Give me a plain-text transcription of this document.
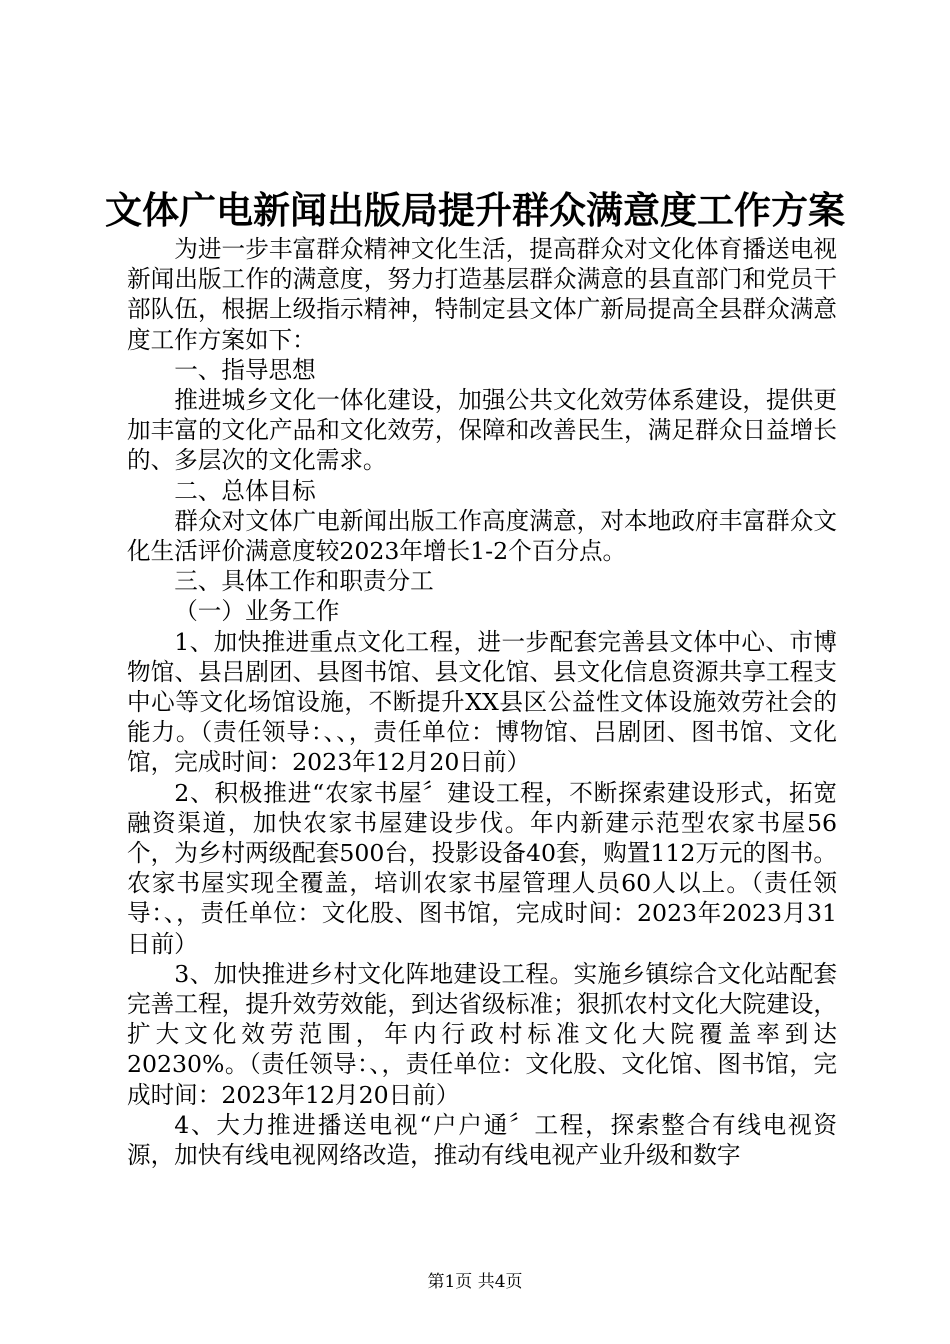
文体广电新闻出版局提升群众满意度工作方案

为进一步丰富群众精神文化生活，提高群众对文化体育播送电视新闻出版工作的满意度，努力打造基层群众满意的县直部门和党员干部队伍，根据上级指示精神，特制定县文体广新局提高全县群众满意度工作方案如下：

一、指导思想

推进城乡文化一体化建设，加强公共文化效劳体系建设，提供更加丰富的文化产品和文化效劳，保障和改善民生，满足群众日益增长的、多层次的文化需求。

二、总体目标

群众对文体广电新闻出版工作高度满意，对本地政府丰富群众文化生活评价满意度较2023年增长1-2个百分点。

三、具体工作和职责分工

（一）业务工作

1、加快推进重点文化工程，进一步配套完善县文体中心、市博物馆、县吕剧团、县图书馆、县文化馆、县文化信息资源共享工程支中心等文化场馆设施，不断提升XX县区公益性文体设施效劳社会的能力。（责任领导：、、，责任单位：博物馆、吕剧团、图书馆、文化馆，完成时间：2023年12月20日前）

2、积极推进“农家书屋〞建设工程，不断探索建设形式，拓宽融资渠道，加快农家书屋建设步伐。年内新建示范型农家书屋56个，为乡村两级配套500台，投影设备40套，购置112万元的图书。农家书屋实现全覆盖，培训农家书屋管理人员60人以上。（责任领导：、，责任单位：文化股、图书馆，完成时间：2023年2023月31日前）

3、加快推进乡村文化阵地建设工程。实施乡镇综合文化站配套完善工程，提升效劳效能，到达省级标准；狠抓农村文化大院建设，扩大文化效劳范围，年内行政村标准文化大院覆盖率到达20230%。（责任领导：、，责任单位：文化股、文化馆、图书馆，完成时间：2023年12月20日前）

4、大力推进播送电视“户户通〞工程，探索整合有线电视资源，加快有线电视网络改造，推动有线电视产业升级和数字

第1页 共4页
